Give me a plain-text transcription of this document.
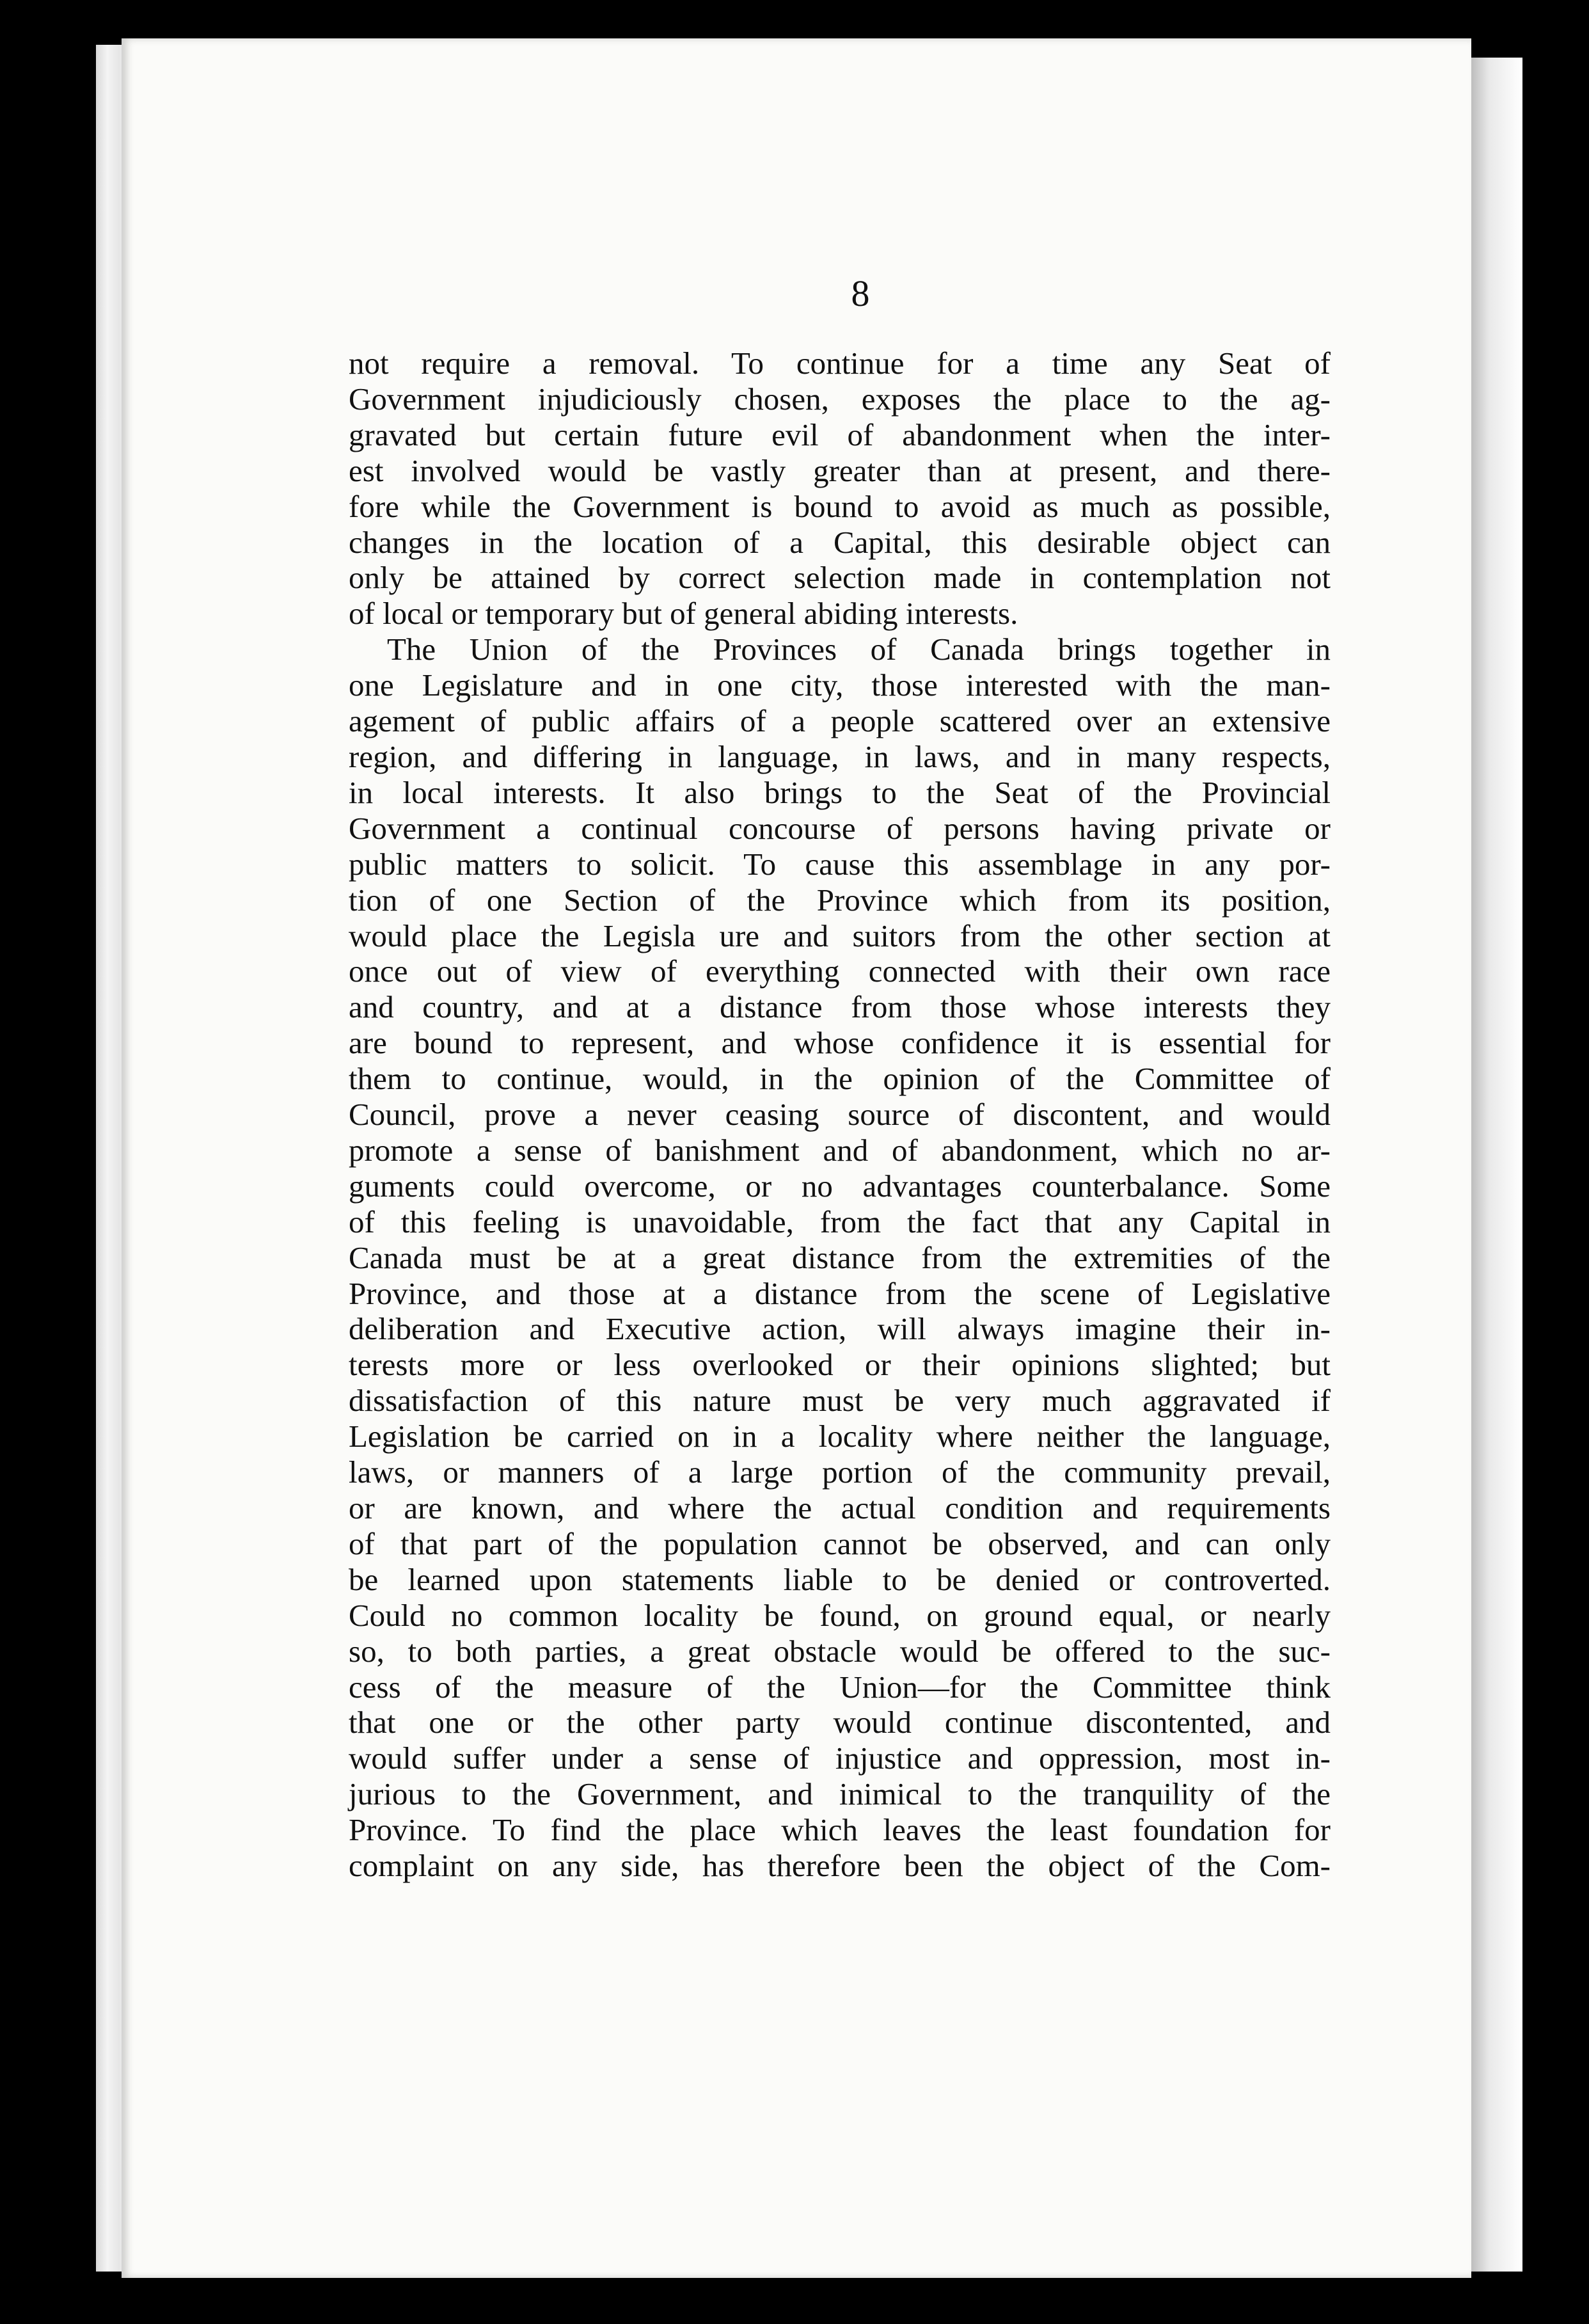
8
not require a removal. To continue for a time any Seat of
Government injudiciously chosen, exposes the place to the ag-
gravated but certain future evil of abandonment when the inter-
est involved would be vastly greater than at present, and there-
fore while the Government is bound to avoid as much as possible,
changes in the location of a Capital, this desirable object can
only be attained by correct selection made in contemplation not
of local or temporary but of general abiding interests.
The Union of the Provinces of Canada brings together in
one Legislature and in one city, those interested with the man-
agement of public affairs of a people scattered over an extensive
region, and differing in language, in laws, and in many respects,
in local interests. It also brings to the Seat of the Provincial
Government a continual concourse of persons having private or
public matters to solicit. To cause this assemblage in any por-
tion of one Section of the Province which from its position,
would place the Legisla ure and suitors from the other section at
once out of view of everything connected with their own race
and country, and at a distance from those whose interests they
are bound to represent, and whose confidence it is essential for
them to continue, would, in the opinion of the Committee of
Council, prove a never ceasing source of discontent, and would
promote a sense of banishment and of abandonment, which no ar-
guments could overcome, or no advantages counterbalance. Some
of this feeling is unavoidable, from the fact that any Capital in
Canada must be at a great distance from the extremities of the
Province, and those at a distance from the scene of Legislative
deliberation and Executive action, will always imagine their in-
terests more or less overlooked or their opinions slighted; but
dissatisfaction of this nature must be very much aggravated if
Legislation be carried on in a locality where neither the language,
laws, or manners of a large portion of the community prevail,
or are known, and where the actual condition and requirements
of that part of the population cannot be observed, and can only
be learned upon statements liable to be denied or controverted.
Could no common locality be found, on ground equal, or nearly
so, to both parties, a great obstacle would be offered to the suc-
cess of the measure of the Union—for the Committee think
that one or the other party would continue discontented, and
would suffer under a sense of injustice and oppression, most in-
jurious to the Government, and inimical to the tranquility of the
Province. To find the place which leaves the least foundation for
complaint on any side, has therefore been the object of the Com-
